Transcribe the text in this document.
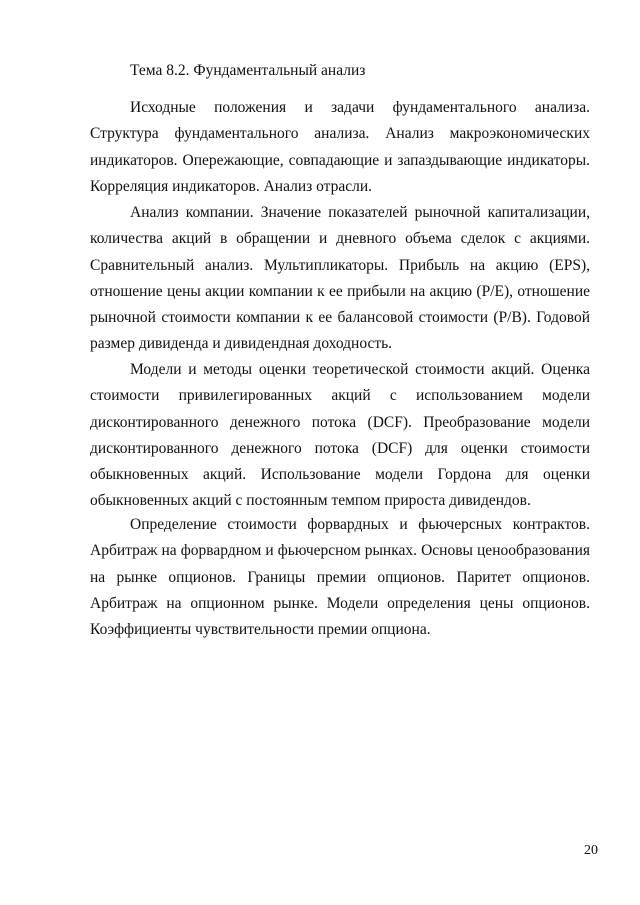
Тема 8.2. Фундаментальный анализ

Исходные положения и задачи фундаментального анализа. Структура фундаментального анализа. Анализ макроэкономических индикаторов. Опережающие, совпадающие и запаздывающие индикаторы. Корреляция индикаторов. Анализ отрасли.

Анализ компании. Значение показателей рыночной капитализации, количества акций в обращении и дневного объема сделок с акциями. Сравнительный анализ. Мультипликаторы. Прибыль на акцию (EPS), отношение цены акции компании к ее прибыли на акцию (Р/Е), отношение рыночной стоимости компании к ее балансовой стоимости (Р/В). Годовой размер дивиденда и дивидендная доходность.

Модели и методы оценки теоретической стоимости акций. Оценка стоимости привилегированных акций с использованием модели дисконтированного денежного потока (DCF). Преобразование модели дисконтированного денежного потока (DCF) для оценки стоимости обыкновенных акций. Использование модели Гордона для оценки обыкновенных акций с постоянным темпом прироста дивидендов.

Определение стоимости форвардных и фьючерсных контрактов. Арбитраж на форвардном и фьючерсном рынках. Основы ценообразования на рынке опционов. Границы премии опционов. Паритет опционов. Арбитраж на опционном рынке. Модели определения цены опционов. Коэффициенты чувствительности премии опциона.

20
